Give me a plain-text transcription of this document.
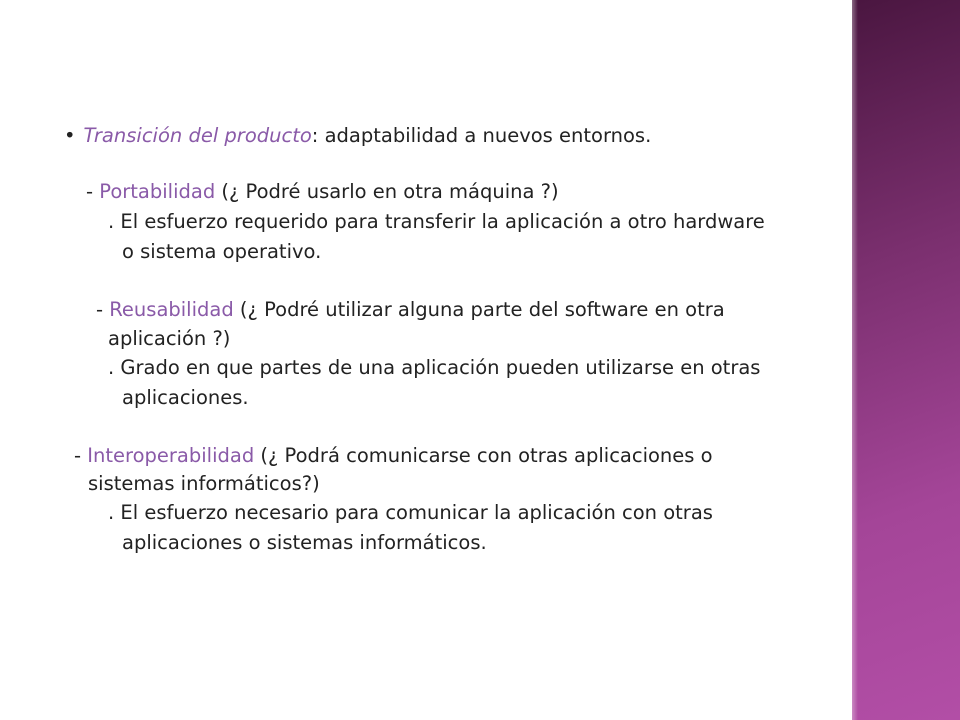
• Transición del producto: adaptabilidad a nuevos entornos.
- Portabilidad (¿ Podré usarlo en otra máquina ?)
. El esfuerzo requerido para transferir la aplicación a otro hardware
o sistema operativo.
- Reusabilidad (¿ Podré utilizar alguna parte del software en otra
aplicación ?)
. Grado en que partes de una aplicación pueden utilizarse en otras
aplicaciones.
- Interoperabilidad (¿ Podrá comunicarse con otras aplicaciones o
sistemas informáticos?)
. El esfuerzo necesario para comunicar la aplicación con otras
aplicaciones o sistemas informáticos.
